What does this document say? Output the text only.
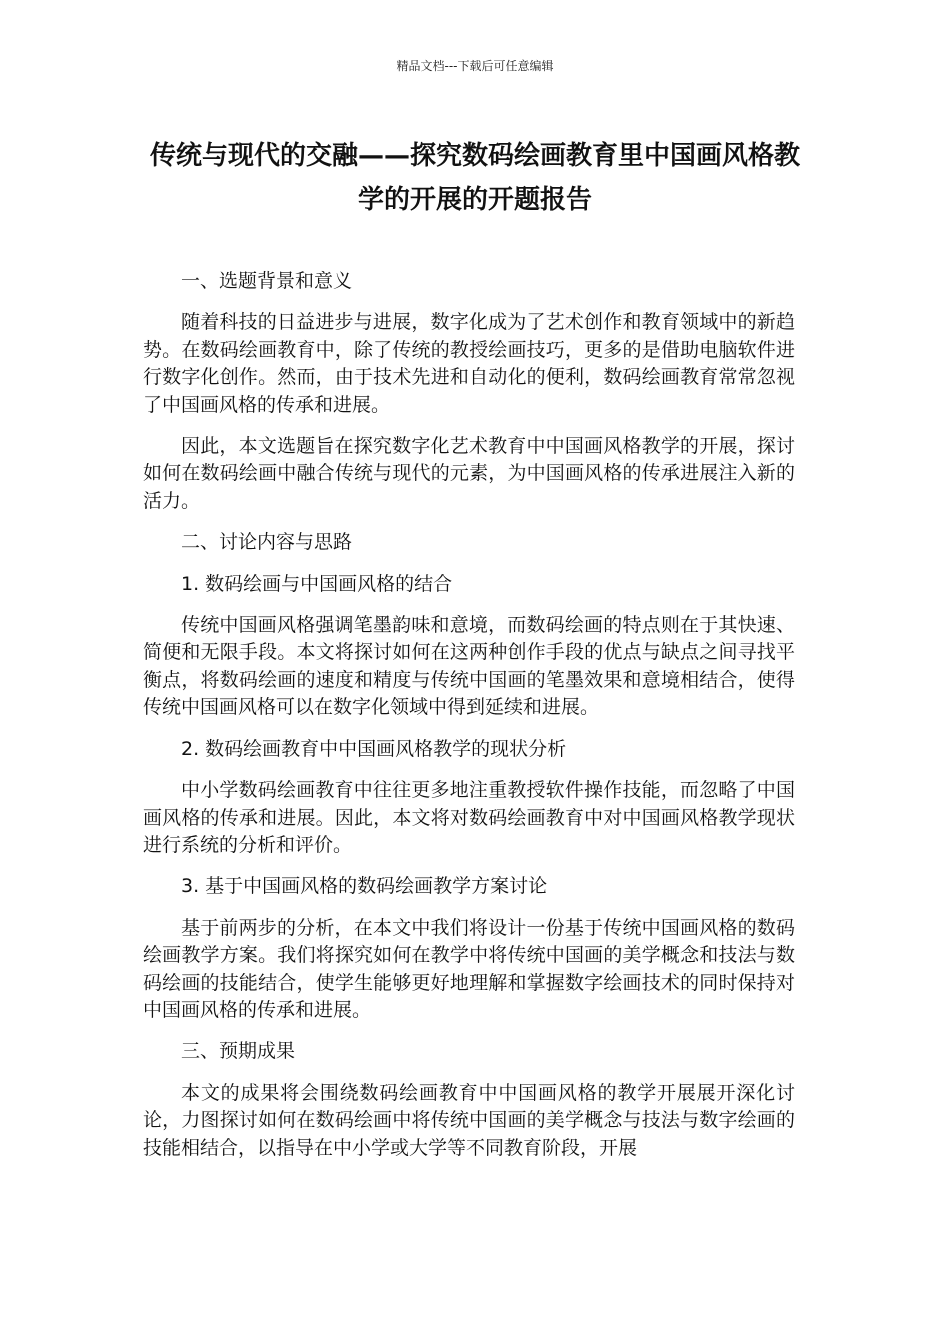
精品文档---下载后可任意编辑
传统与现代的交融——探究数码绘画教育里中国画风格教学的开展的开题报告

一、选题背景和意义

随着科技的日益进步与进展，数字化成为了艺术创作和教育领域中的新趋势。在数码绘画教育中，除了传统的教授绘画技巧，更多的是借助电脑软件进行数字化创作。然而，由于技术先进和自动化的便利，数码绘画教育常常忽视了中国画风格的传承和进展。

因此，本文选题旨在探究数字化艺术教育中中国画风格教学的开展，探讨如何在数码绘画中融合传统与现代的元素，为中国画风格的传承进展注入新的活力。

二、讨论内容与思路

1. 数码绘画与中国画风格的结合

传统中国画风格强调笔墨韵味和意境，而数码绘画的特点则在于其快速、简便和无限手段。本文将探讨如何在这两种创作手段的优点与缺点之间寻找平衡点，将数码绘画的速度和精度与传统中国画的笔墨效果和意境相结合，使得传统中国画风格可以在数字化领域中得到延续和进展。

2. 数码绘画教育中中国画风格教学的现状分析

中小学数码绘画教育中往往更多地注重教授软件操作技能，而忽略了中国画风格的传承和进展。因此，本文将对数码绘画教育中对中国画风格教学现状进行系统的分析和评价。

3. 基于中国画风格的数码绘画教学方案讨论

基于前两步的分析，在本文中我们将设计一份基于传统中国画风格的数码绘画教学方案。我们将探究如何在教学中将传统中国画的美学概念和技法与数码绘画的技能结合，使学生能够更好地理解和掌握数字绘画技术的同时保持对中国画风格的传承和进展。

三、预期成果

本文的成果将会围绕数码绘画教育中中国画风格的教学开展展开深化讨论，力图探讨如何在数码绘画中将传统中国画的美学概念与技法与数字绘画的技能相结合，以指导在中小学或大学等不同教育阶段，开展
